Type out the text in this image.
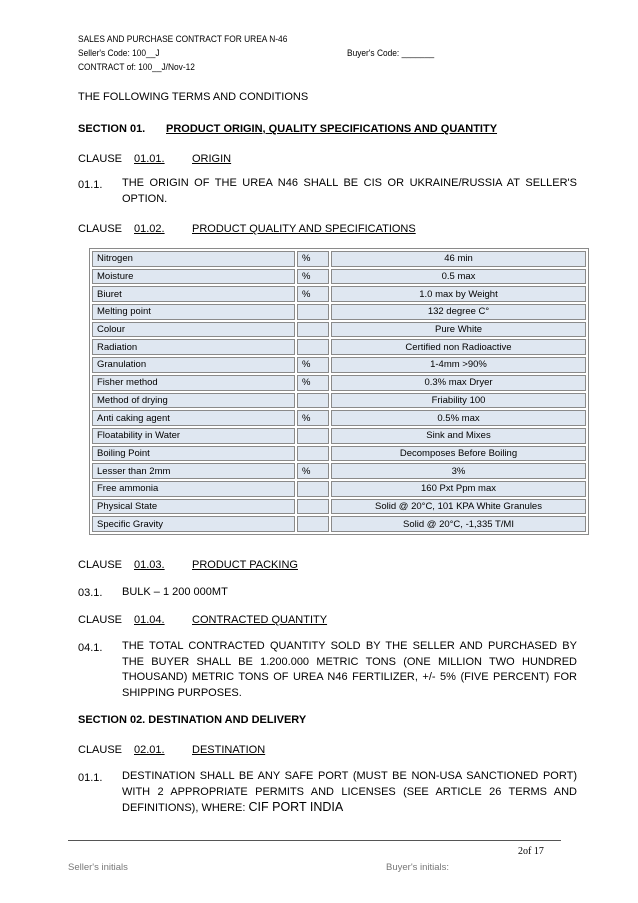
SALES AND PURCHASE CONTRACT FOR UREA N-46
Seller's Code: 100__J	Buyer's Code: _______
CONTRACT of: 100__J/Nov-12
THE FOLLOWING TERMS AND CONDITIONS
SECTION 01. PRODUCT ORIGIN, QUALITY SPECIFICATIONS AND QUANTITY
CLAUSE 01.01. ORIGIN
01.1. THE ORIGIN OF THE UREA N46 SHALL BE CIS OR UKRAINE/RUSSIA AT SELLER'S OPTION.
CLAUSE 01.02. PRODUCT QUALITY AND SPECIFICATIONS
Nitrogen	%	46 min
Moisture	%	0.5 max
Biuret	%	1.0 max by Weight
Melting point		132 degree C°
Colour		Pure White
Radiation		Certified non Radioactive
Granulation	%	1-4mm >90%
Fisher method	%	0.3% max Dryer
Method of drying		Friability 100
Anti caking agent	%	0.5% max
Floatability in Water		Sink and Mixes
Boiling Point		Decomposes Before Boiling
Lesser than 2mm	%	3%
Free ammonia		160 Pxt Ppm max
Physical State		Solid @ 20°C, 101 KPA White Granules
Specific Gravity		Solid @ 20°C, -1,335 T/MI
CLAUSE 01.03. PRODUCT PACKING
03.1. BULK – 1 200 000MT
CLAUSE 01.04. CONTRACTED QUANTITY
04.1. THE TOTAL CONTRACTED QUANTITY SOLD BY THE SELLER AND PURCHASED BY THE BUYER SHALL BE 1.200.000 METRIC TONS (ONE MILLION TWO HUNDRED THOUSAND) METRIC TONS OF UREA N46 FERTILIZER, +/- 5% (FIVE PERCENT) FOR SHIPPING PURPOSES.
SECTION 02. DESTINATION AND DELIVERY
CLAUSE 02.01. DESTINATION
01.1. DESTINATION SHALL BE ANY SAFE PORT (MUST BE NON-USA SANCTIONED PORT) WITH 2 APPROPRIATE PERMITS AND LICENSES (SEE ARTICLE 26 TERMS AND DEFINITIONS), WHERE: CIF PORT INDIA
2of 17
Seller's initials	Buyer's initials:
